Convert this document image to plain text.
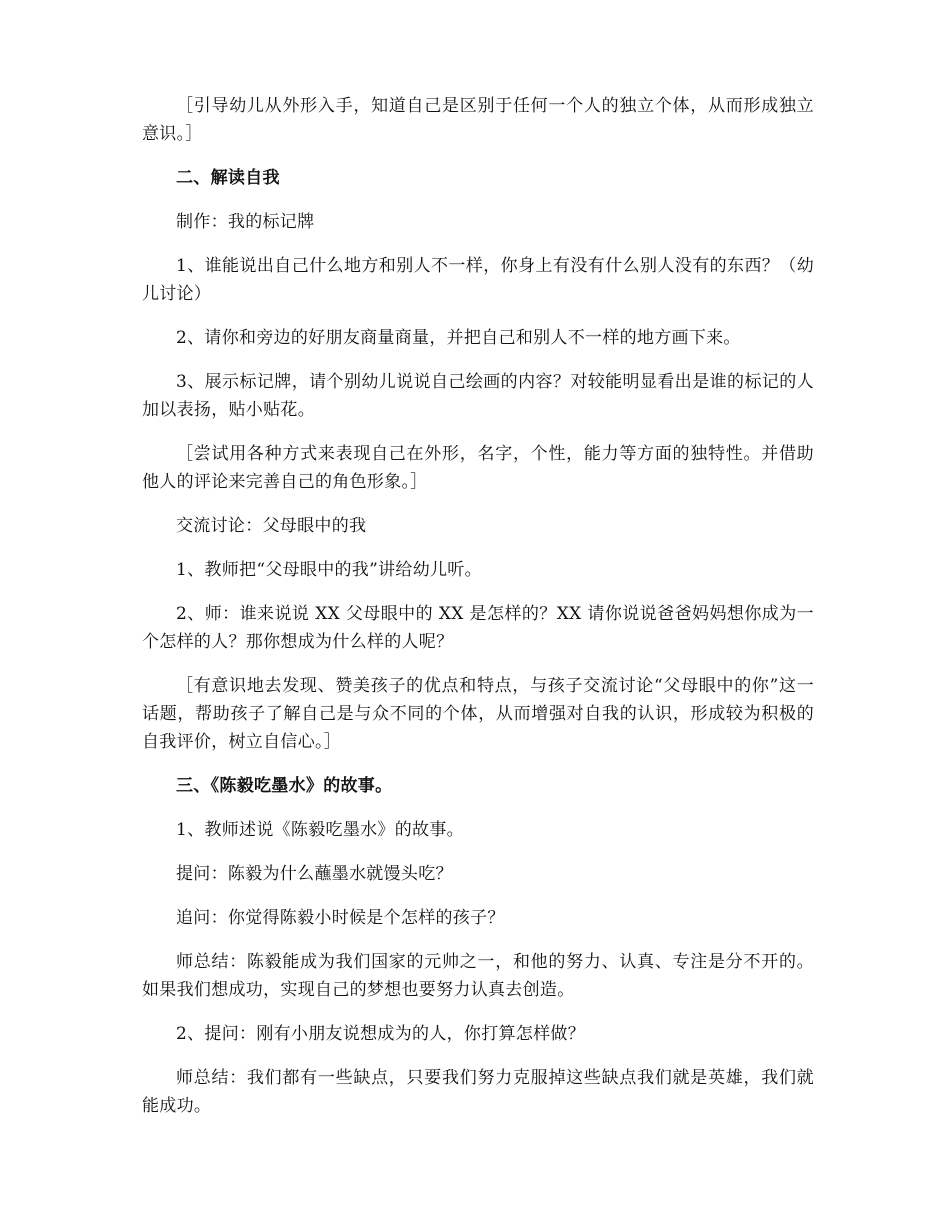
［引导幼儿从外形入手，知道自己是区别于任何一个人的独立个体，从而形成独立意识。］

二、解读自我

制作：我的标记牌

1、谁能说出自己什么地方和别人不一样，你身上有没有什么别人没有的东西？（幼儿讨论）

2、请你和旁边的好朋友商量商量，并把自己和别人不一样的地方画下来。

3、展示标记牌，请个别幼儿说说自己绘画的内容？对较能明显看出是谁的标记的人加以表扬，贴小贴花。

［尝试用各种方式来表现自己在外形，名字，个性，能力等方面的独特性。并借助他人的评论来完善自己的角色形象。］

交流讨论：父母眼中的我

1、教师把“父母眼中的我”讲给幼儿听。

2、师：谁来说说 XX 父母眼中的 XX 是怎样的？XX 请你说说爸爸妈妈想你成为一个怎样的人？那你想成为什么样的人呢？

［有意识地去发现、赞美孩子的优点和特点，与孩子交流讨论“父母眼中的你”这一话题，帮助孩子了解自己是与众不同的个体，从而增强对自我的认识，形成较为积极的自我评价，树立自信心。］

三、《陈毅吃墨水》的故事。

1、教师述说《陈毅吃墨水》的故事。

提问：陈毅为什么蘸墨水就馒头吃？

追问：你觉得陈毅小时候是个怎样的孩子？

师总结：陈毅能成为我们国家的元帅之一，和他的努力、认真、专注是分不开的。如果我们想成功，实现自己的梦想也要努力认真去创造。

2、提问：刚有小朋友说想成为的人，你打算怎样做？

师总结：我们都有一些缺点，只要我们努力克服掉这些缺点我们就是英雄，我们就能成功。
